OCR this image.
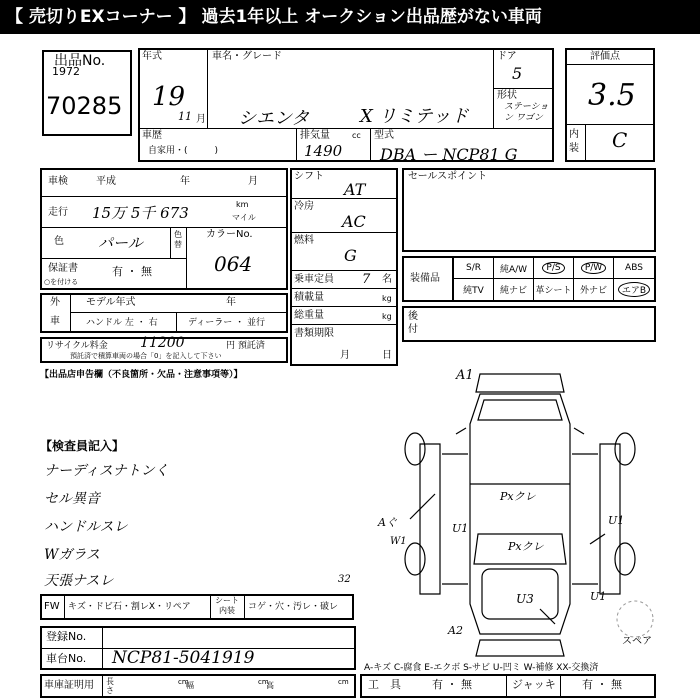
【 売切りEXコーナー 】 過去1年以上 オークション出品歴がない車両
出品No.
1972
70285
年式
19
11 月
車名・グレード
シエンタ	X リミテッド
ドア
5
形状
ステーション ワゴン
車歴
自家用・(　　　)
排気量	cc
1490
型式
DBA ー NCP81 G
評価点
3.5
内装 C
車検	平成	年	月
走行 15万 5千 673	km
マイル
色 パール	色替
カラーNo.
064
保証書
○を付ける
有 ・ 無
外
車
モデル年式	年
ハンドル 左 ・ 右	ディーラー ・ 並行
リサイクル料金 11200	円 預託済
預託済で積算車両の場合「0」を記入して下さい
【出品店申告欄（不良箇所・欠品・注意事項等）】
シフト
AT
冷房
AC
燃料
G
乗車定員 7 名
積載量	kg
総重量	kg
書類期限
月	日
セールスポイント
装備品
S/R	純A/W	P/S	P/W	ABS
純TV	純ナビ 革シート 外ナビ	エアB
後付
【検査員記入】
ナーディスナトンく
セル異音
ハンドルスレ
Wガラス
天張ナスレ	32
FW キズ・ドビ石・割レX・リペア
シート内装	コゲ・穴・汚レ・破レ
登録No.
車台No. NCP81-5041919
車庫証明用 長さ
cm
幅	cm
高	cm
A-キズ C-腐食 E-エクボ S-サビ U-凹ミ W-補修 XX-交換済
工　具	有 ・ 無	ジャッキ 有 ・ 無
A1
Aぐ
W1
U1
Pxクレ
Pxクレ
U3	U1
A2
U1
スペア
